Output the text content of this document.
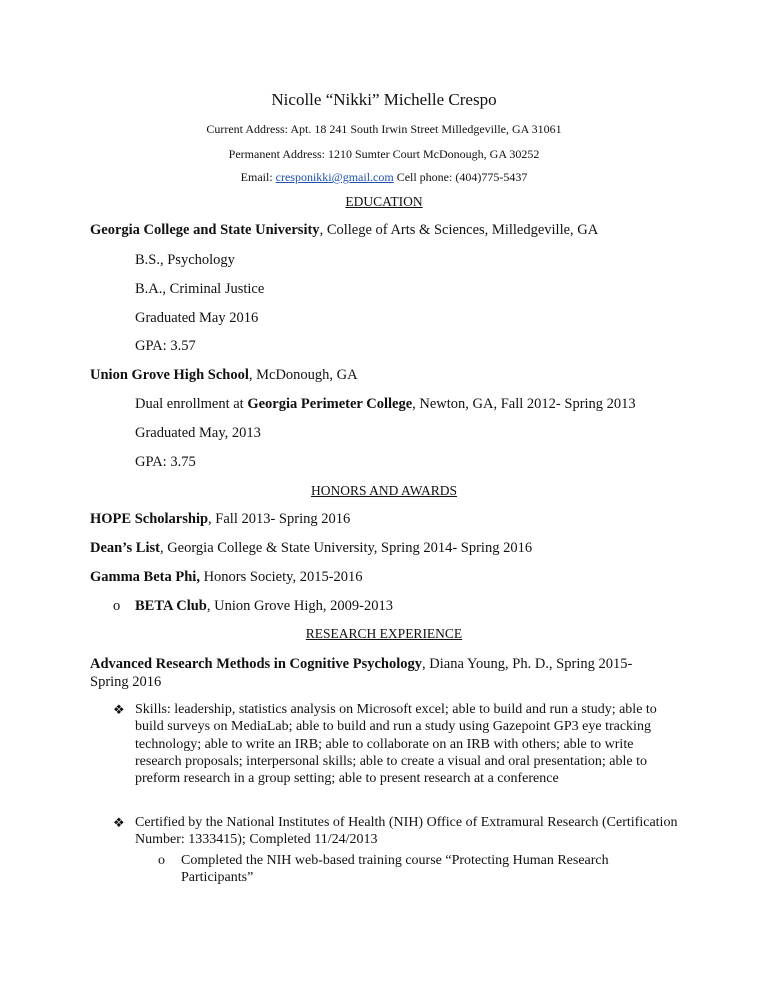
Nicolle “Nikki” Michelle Crespo
Current Address: Apt. 18 241 South Irwin Street Milledgeville, GA 31061
Permanent Address: 1210 Sumter Court McDonough, GA 30252
Email: cresponikki@gmail.com Cell phone: (404)775-5437
EDUCATION
Georgia College and State University, College of Arts & Sciences, Milledgeville, GA
B.S., Psychology
B.A., Criminal Justice
Graduated May 2016
GPA: 3.57
Union Grove High School, McDonough, GA
Dual enrollment at Georgia Perimeter College, Newton, GA, Fall 2012- Spring 2013
Graduated May, 2013
GPA: 3.75
HONORS AND AWARDS
HOPE Scholarship, Fall 2013- Spring 2016
Dean’s List, Georgia College & State University, Spring 2014- Spring 2016
Gamma Beta Phi, Honors Society, 2015-2016
o BETA Club, Union Grove High, 2009-2013
RESEARCH EXPERIENCE
Advanced Research Methods in Cognitive Psychology, Diana Young, Ph. D., Spring 2015-
Spring 2016
❖ Skills: leadership, statistics analysis on Microsoft excel; able to build and run a study; able to build surveys on MediaLab; able to build and run a study using Gazepoint GP3 eye tracking technology; able to write an IRB; able to collaborate on an IRB with others; able to write research proposals; interpersonal skills; able to create a visual and oral presentation; able to preform research in a group setting; able to present research at a conference
❖ Certified by the National Institutes of Health (NIH) Office of Extramural Research (Certification Number: 1333415); Completed 11/24/2013
o Completed the NIH web-based training course “Protecting Human Research Participants”
